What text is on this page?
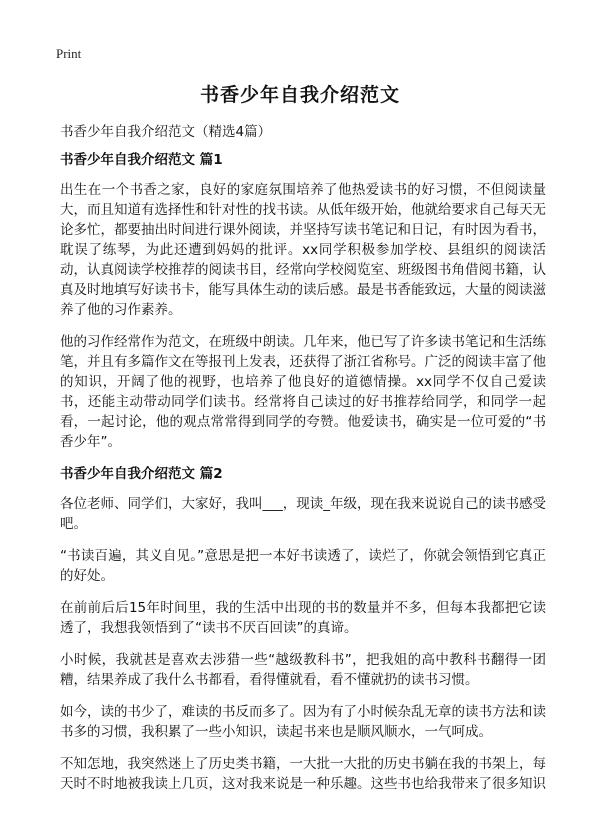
Print
书香少年自我介绍范文

书香少年自我介绍范文（精选4篇）

书香少年自我介绍范文 篇1

出生在一个书香之家，良好的家庭氛围培养了他热爱读书的好习惯，不但阅读量大，而且知道有选择性和针对性的找书读。从低年级开始，他就给要求自己每天无论多忙，都要抽出时间进行课外阅读，并坚持写读书笔记和日记，有时因为看书，耽误了练琴，为此还遭到妈妈的批评。xx同学积极参加学校、县组织的阅读活动，认真阅读学校推荐的阅读书目，经常向学校阅览室、班级图书角借阅书籍，认真及时地填写好读书卡，能写具体生动的读后感。最是书香能致远，大量的阅读滋养了他的习作素养。

他的习作经常作为范文，在班级中朗读。几年来，他已写了许多读书笔记和生活练笔，并且有多篇作文在等报刊上发表，还获得了浙江省称号。广泛的阅读丰富了他的知识，开阔了他的视野，也培养了他良好的道德情操。xx同学不仅自己爱读书，还能主动带动同学们读书。经常将自己读过的好书推荐给同学，和同学一起看，一起讨论，他的观点常常得到同学的夸赞。他爱读书，确实是一位可爱的“书香少年”。

书香少年自我介绍范文 篇2

各位老师、同学们，大家好，我叫___，现读_年级，现在我来说说自己的读书感受吧。

“书读百遍，其义自见。”意思是把一本好书读透了，读烂了，你就会领悟到它真正的好处。

在前前后后15年时间里，我的生活中出现的书的数量并不多，但每本我都把它读透了，我想我领悟到了“读书不厌百回读”的真谛。

小时候，我就甚是喜欢去涉猎一些“越级教科书”，把我姐的高中教科书翻得一团糟，结果养成了我什么书都看，看得懂就看，看不懂就扔的读书习惯。

如今，读的书少了，难读的书反而多了。因为有了小时候杂乱无章的读书方法和读书多的习惯，我积累了一些小知识，读起书来也是顺风顺水，一气呵成。

不知怎地，我突然迷上了历史类书籍，一大批一大批的历史书躺在我的书架上，每天时不时地被我读上几页，这对我来说是一种乐趣。这些书也给我带来了很多知识
